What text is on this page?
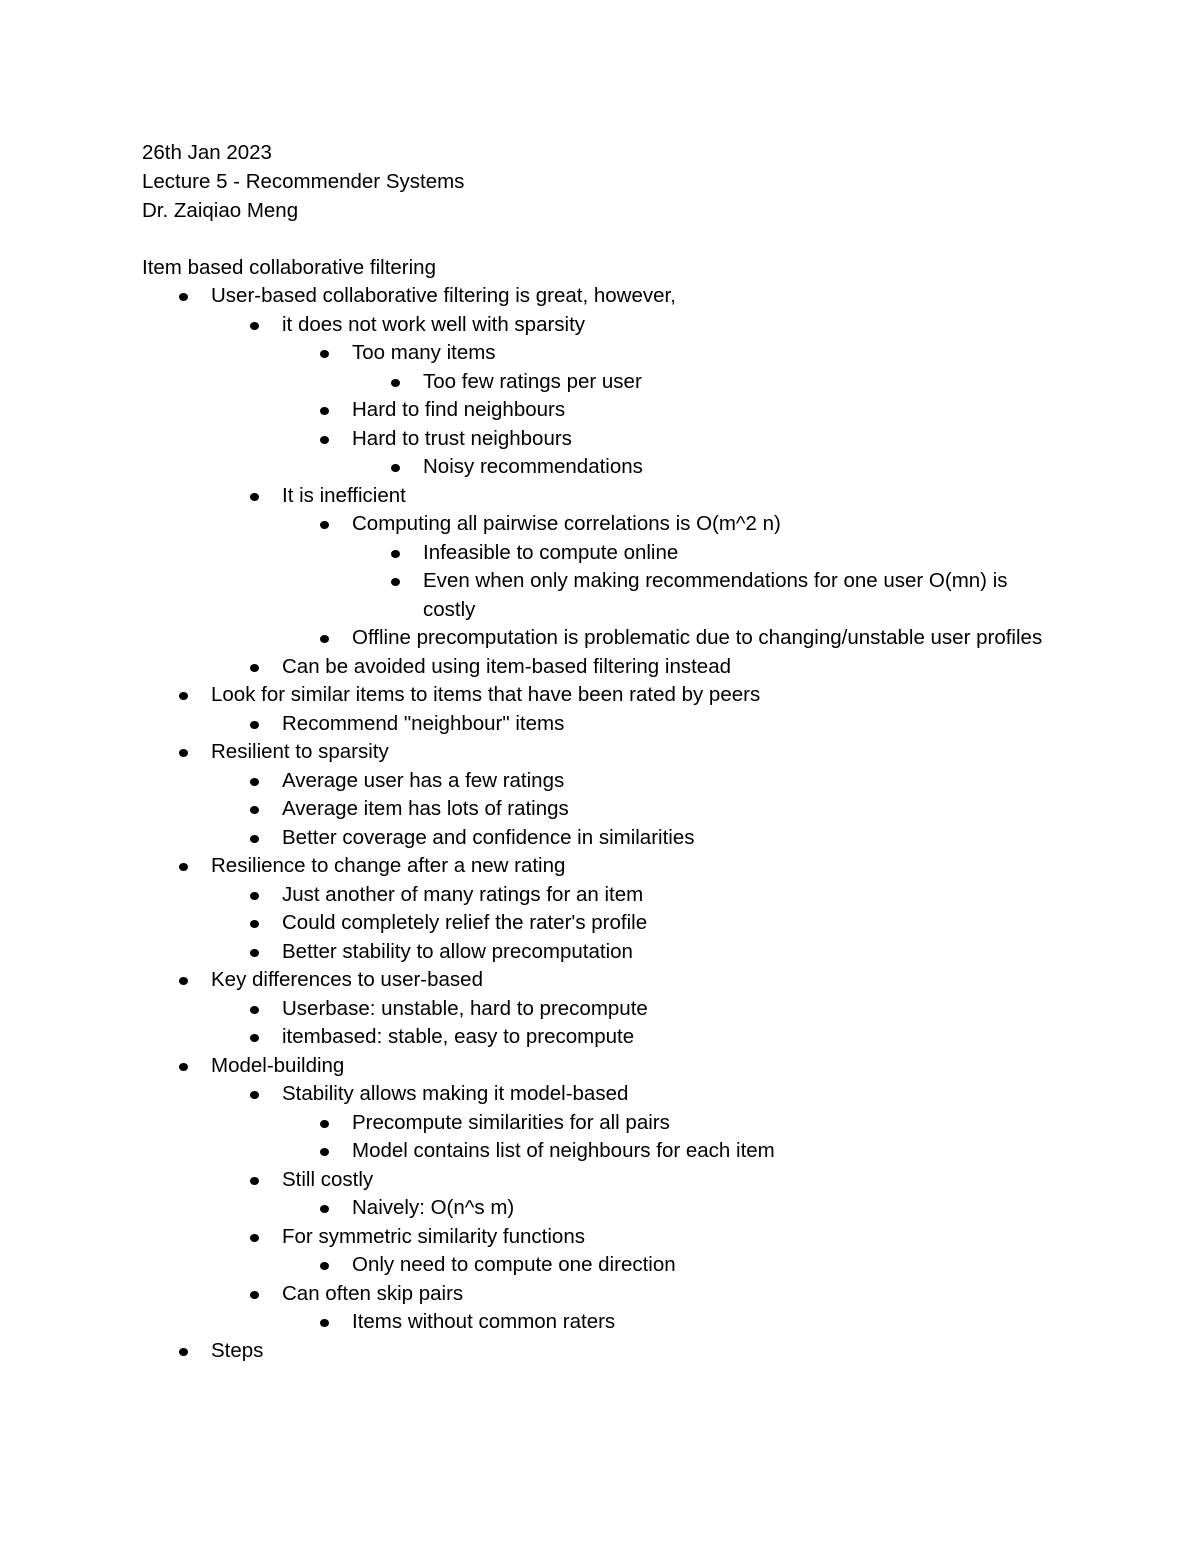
26th Jan 2023
Lecture 5 - Recommender Systems
Dr. Zaiqiao Meng
Item based collaborative filtering
User-based collaborative filtering is great, however,
it does not work well with sparsity
Too many items
Too few ratings per user
Hard to find neighbours
Hard to trust neighbours
Noisy recommendations
It is inefficient
Computing all pairwise correlations is O(m^2 n)
Infeasible to compute online
Even when only making recommendations for one user O(mn) is costly
Offline precomputation is problematic due to changing/unstable user profiles
Can be avoided using item-based filtering instead
Look for similar items to items that have been rated by peers
Recommend "neighbour" items
Resilient to sparsity
Average user has a few ratings
Average item has lots of ratings
Better coverage and confidence in similarities
Resilience to change after a new rating
Just another of many ratings for an item
Could completely relief the rater's profile
Better stability to allow precomputation
Key differences to user-based
Userbase: unstable, hard to precompute
itembased: stable, easy to precompute
Model-building
Stability allows making it model-based
Precompute similarities for all pairs
Model contains list of neighbours for each item
Still costly
Naively: O(n^s m)
For symmetric similarity functions
Only need to compute one direction
Can often skip pairs
Items without common raters
Steps
